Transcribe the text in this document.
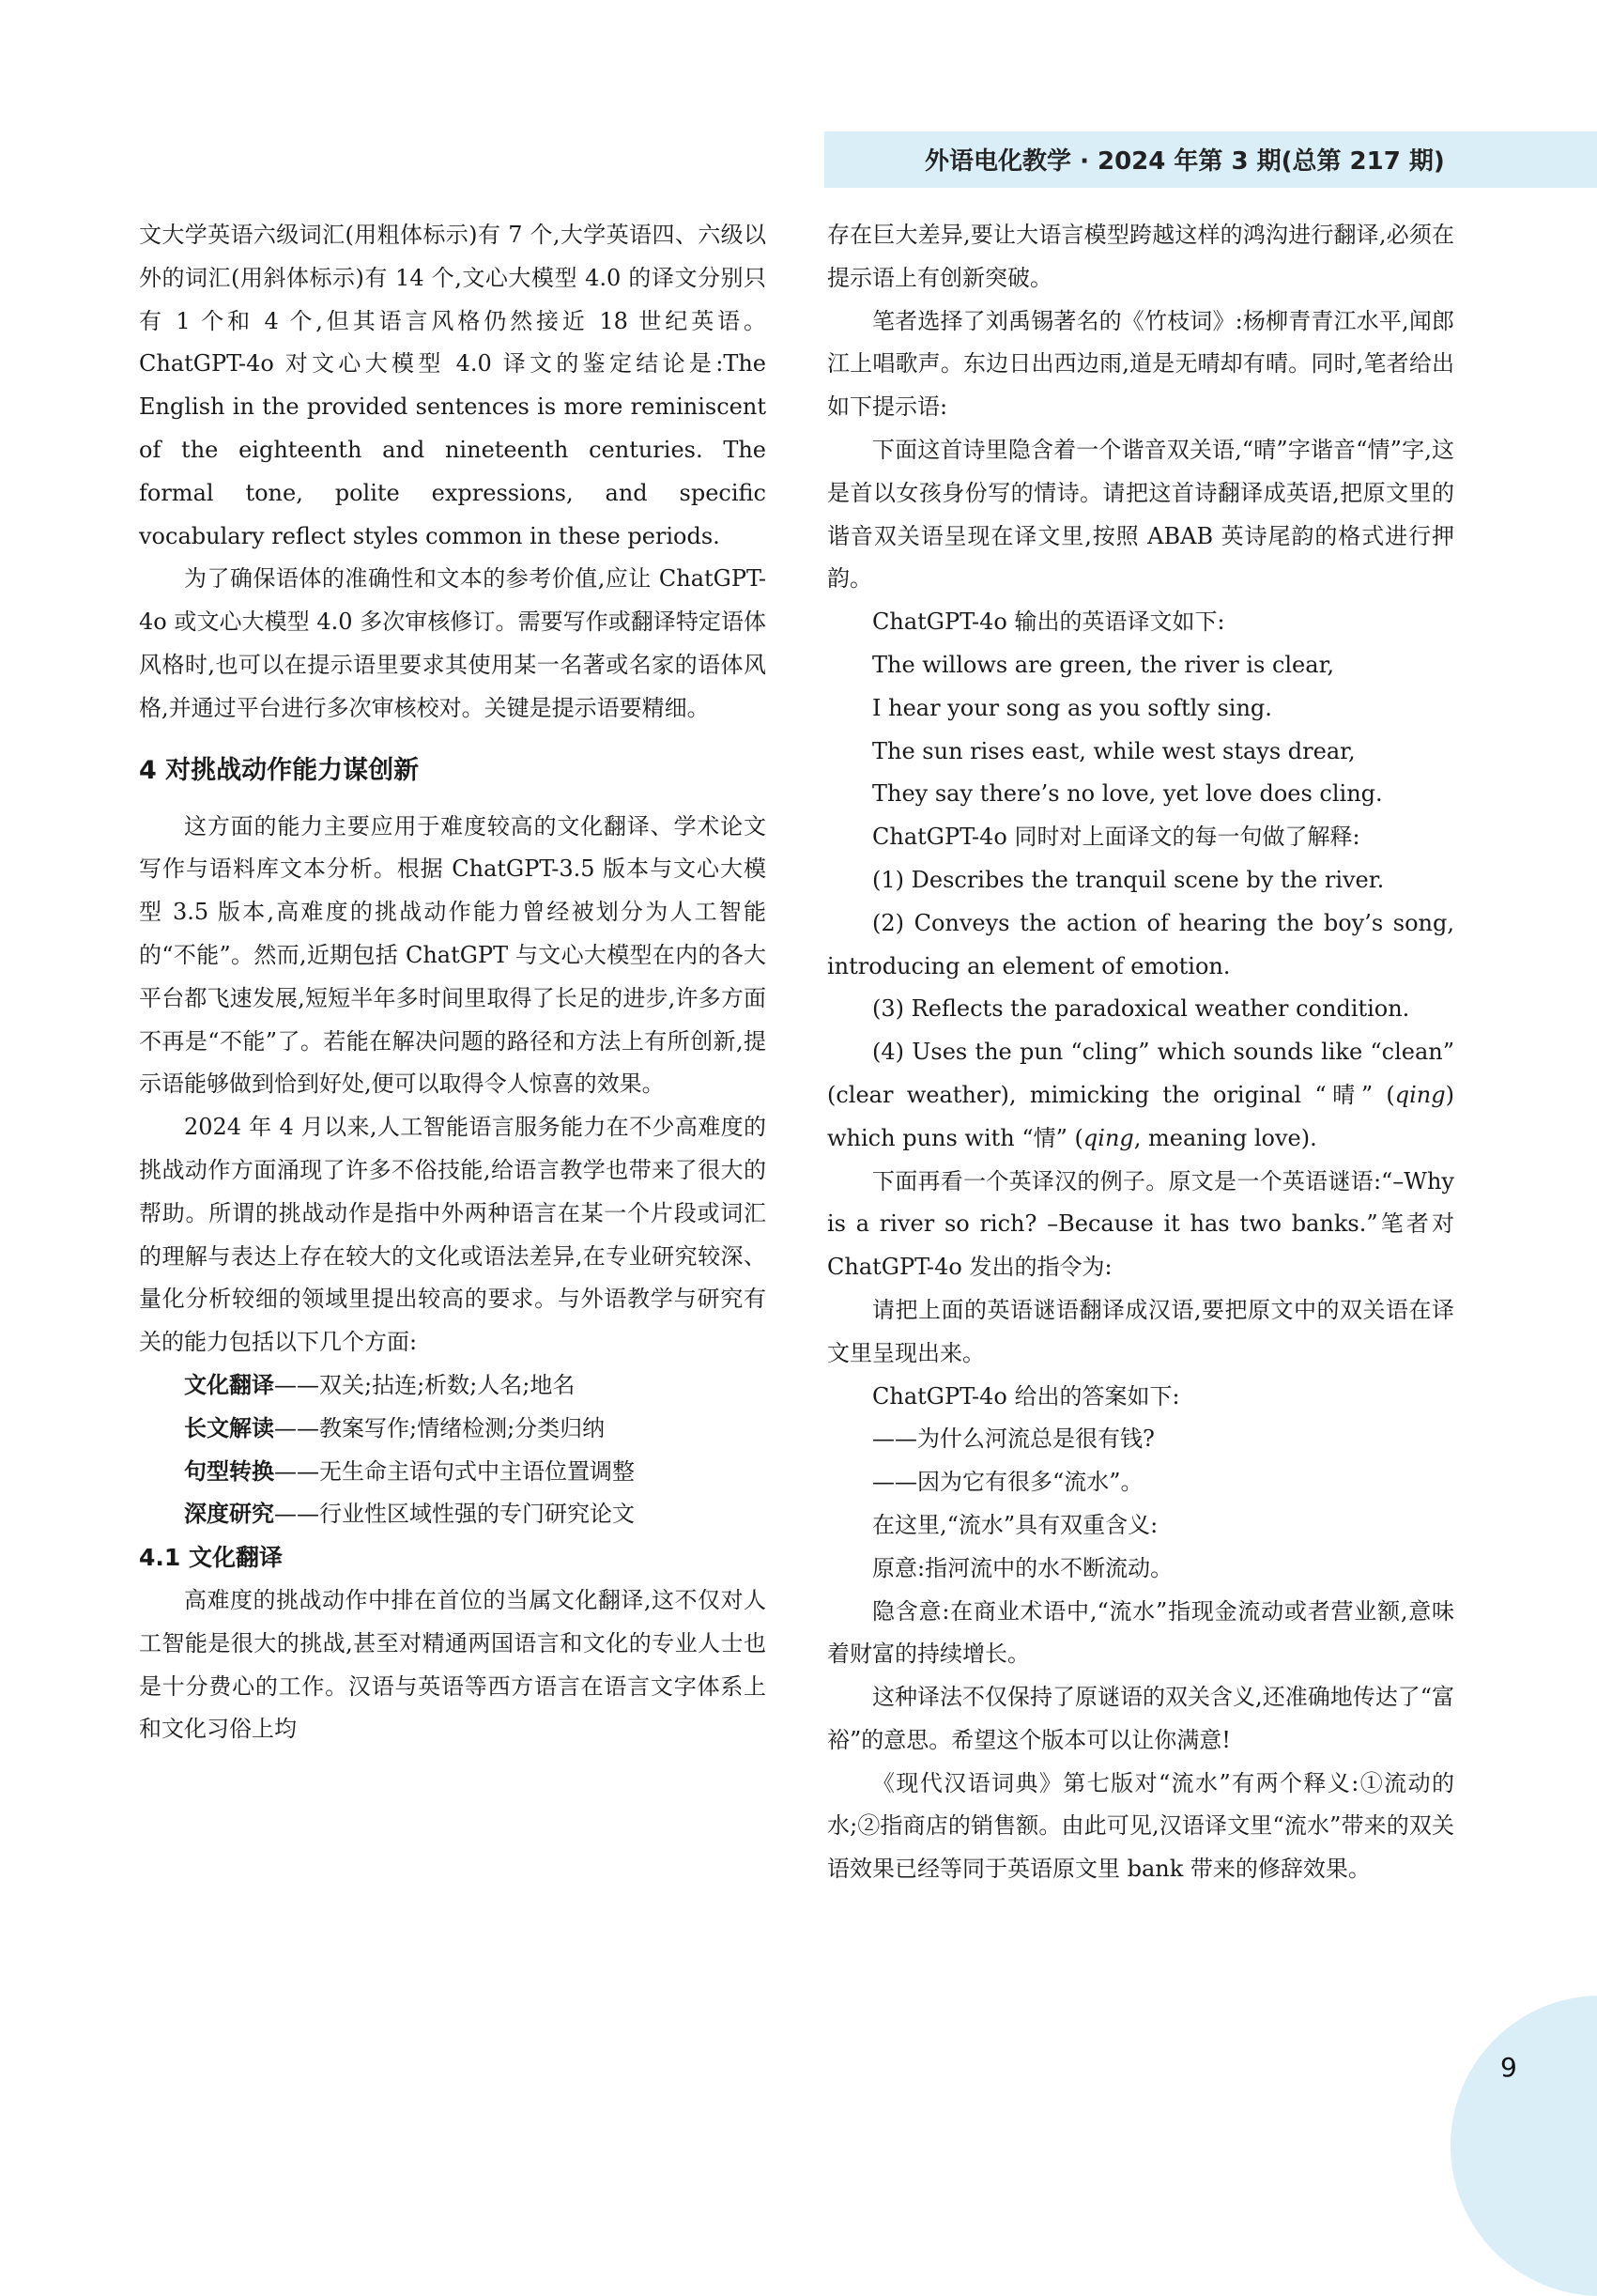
外语电化教学 · 2024 年第 3 期(总第 217 期)

文大学英语六级词汇(用粗体标示)有 7 个,大学英语四、六级以外的词汇(用斜体标示)有 14 个,文心大模型 4.0 的译文分别只有 1 个和 4 个,但其语言风格仍然接近 18 世纪英语。ChatGPT-4o 对文心大模型 4.0 译文的鉴定结论是:The English in the provided sentences is more reminiscent of the eighteenth and nineteenth centuries. The formal tone, polite expressions, and specific vocabulary reflect styles common in these periods.

为了确保语体的准确性和文本的参考价值,应让 ChatGPT-4o 或文心大模型 4.0 多次审核修订。需要写作或翻译特定语体风格时,也可以在提示语里要求其使用某一名著或名家的语体风格,并通过平台进行多次审核校对。关键是提示语要精细。

4 对挑战动作能力谋创新

这方面的能力主要应用于难度较高的文化翻译、学术论文写作与语料库文本分析。根据 ChatGPT-3.5 版本与文心大模型 3.5 版本,高难度的挑战动作能力曾经被划分为人工智能的“不能”。然而,近期包括 ChatGPT 与文心大模型在内的各大平台都飞速发展,短短半年多时间里取得了长足的进步,许多方面不再是“不能”了。若能在解决问题的路径和方法上有所创新,提示语能够做到恰到好处,便可以取得令人惊喜的效果。

2024 年 4 月以来,人工智能语言服务能力在不少高难度的挑战动作方面涌现了许多不俗技能,给语言教学也带来了很大的帮助。所谓的挑战动作是指中外两种语言在某一个片段或词汇的理解与表达上存在较大的文化或语法差异,在专业研究较深、量化分析较细的领域里提出较高的要求。与外语教学与研究有关的能力包括以下几个方面:

文化翻译——双关;拈连;析数;人名;地名
长文解读——教案写作;情绪检测;分类归纳
句型转换——无生命主语句式中主语位置调整
深度研究——行业性区域性强的专门研究论文
4.1 文化翻译

高难度的挑战动作中排在首位的当属文化翻译,这不仅对人工智能是很大的挑战,甚至对精通两国语言和文化的专业人士也是十分费心的工作。汉语与英语等西方语言在语言文字体系上和文化习俗上均

存在巨大差异,要让大语言模型跨越这样的鸿沟进行翻译,必须在提示语上有创新突破。

笔者选择了刘禹锡著名的《竹枝词》:杨柳青青江水平,闻郎江上唱歌声。东边日出西边雨,道是无晴却有晴。同时,笔者给出如下提示语:

下面这首诗里隐含着一个谐音双关语,“晴”字谐音“情”字,这是首以女孩身份写的情诗。请把这首诗翻译成英语,把原文里的谐音双关语呈现在译文里,按照 ABAB 英诗尾韵的格式进行押韵。

ChatGPT-4o 输出的英语译文如下:

The willows are green, the river is clear,
I hear your song as you softly sing.
The sun rises east, while west stays drear,
They say there’s no love, yet love does cling.

ChatGPT-4o 同时对上面译文的每一句做了解释:

(1) Describes the tranquil scene by the river.

(2) Conveys the action of hearing the boy’s song, introducing an element of emotion.

(3) Reflects the paradoxical weather condition.

(4) Uses the pun “cling” which sounds like “clean” (clear weather), mimicking the original “晴” (qing) which puns with “情” (qing, meaning love).

下面再看一个英译汉的例子。原文是一个英语谜语:“–Why is a river so rich? –Because it has two banks.”笔者对 ChatGPT-4o 发出的指令为:

请把上面的英语谜语翻译成汉语,要把原文中的双关语在译文里呈现出来。

ChatGPT-4o 给出的答案如下:

——为什么河流总是很有钱?
——因为它有很多“流水”。
在这里,“流水”具有双重含义:
原意:指河流中的水不断流动。

隐含意:在商业术语中,“流水”指现金流动或者营业额,意味着财富的持续增长。

这种译法不仅保持了原谜语的双关含义,还准确地传达了“富裕”的意思。希望这个版本可以让你满意!

《现代汉语词典》第七版对“流水”有两个释义:①流动的水;②指商店的销售额。由此可见,汉语译文里“流水”带来的双关语效果已经等同于英语原文里 bank 带来的修辞效果。

9
